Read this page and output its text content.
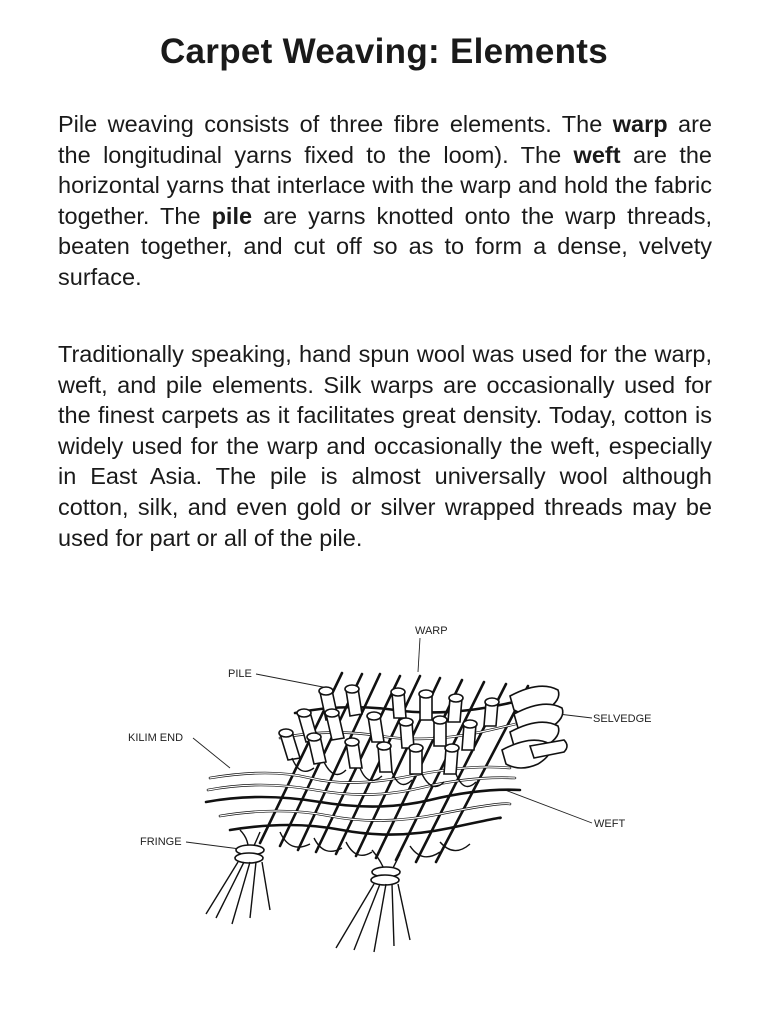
Carpet Weaving: Elements

Pile weaving consists of three fibre elements. The warp are the longitudinal yarns fixed to the loom). The weft are the horizontal yarns that interlace with the warp and hold the fabric together. The pile are yarns knotted onto the warp threads, beaten together, and cut off so as to form a dense, velvety surface.

Traditionally speaking, hand spun wool was used for the warp, weft, and pile elements. Silk warps are occasionally used for the finest carpets as it facilitates great density. Today, cotton is widely used for the warp and occasionally the weft, especially in East Asia. The pile is almost universally wool although cotton, silk, and even gold or silver wrapped threads may be used for part or all of the pile.

WARP
PILE
SELVEDGE
KILIM END
WEFT
FRINGE
